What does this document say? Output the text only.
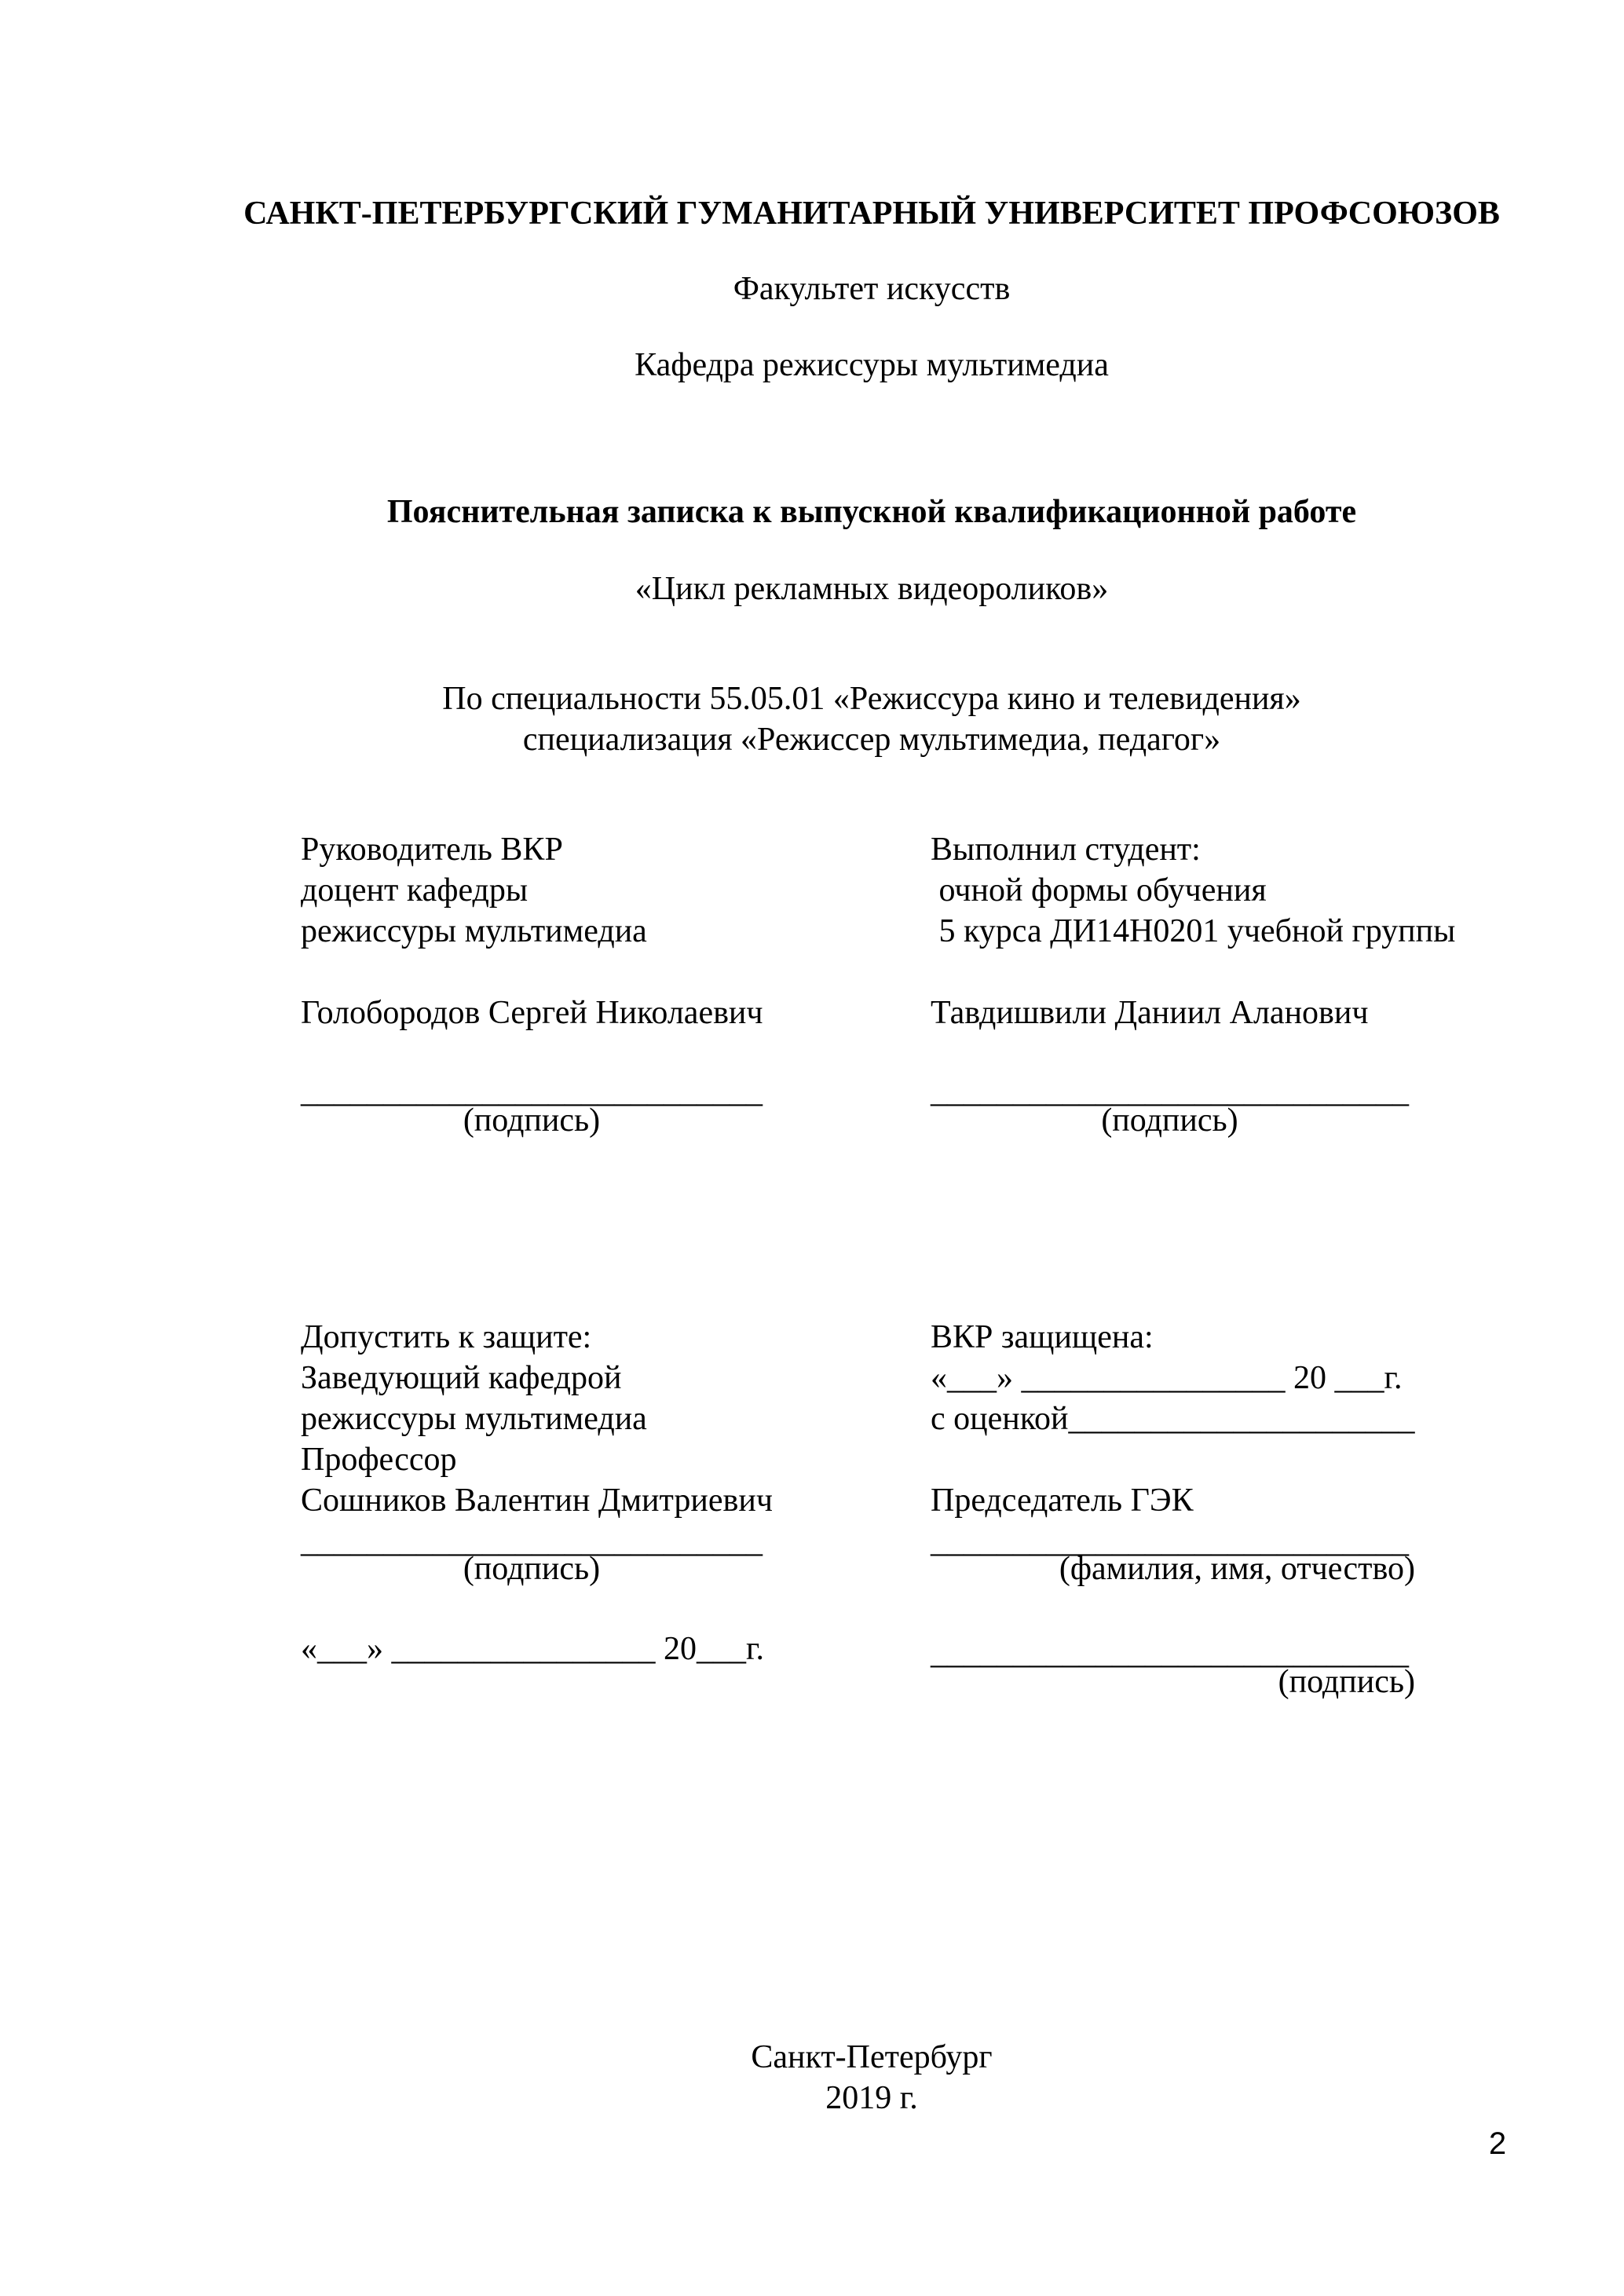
САНКТ-ПЕТЕРБУРГСКИЙ ГУМАНИТАРНЫЙ УНИВЕРСИТЕТ ПРОФСОЮЗОВ
Факультет искусств
Кафедра режиссуры мультимедиа
Пояснительная записка к выпускной квалификационной работе
«Цикл рекламных видеороликов»
По специальности 55.05.01 «Режиссура кино и телевидения»
специализация «Режиссер мультимедиа, педагог»
Руководитель ВКР
доцент кафедры
режиссуры мультимедиа
Голобородов Сергей Николаевич
____________________________
(подпись)
Выполнил студент:
очной формы обучения
5 курса ДИ14Н0201 учебной группы
Тавдишвили Даниил Аланович
_____________________________
(подпись)
Допустить к защите:
Заведующий кафедрой
режиссуры мультимедиа
Профессор
Сошников Валентин Дмитриевич
____________________________
(подпись)
«___» ________________ 20___г.
ВКР защищена:
«___» ________________ 20 ___г.
с оценкой_____________________
Председатель ГЭК
_____________________________
(фамилия, имя, отчество)
_____________________________
(подпись)
Санкт-Петербург
2019 г.
2
